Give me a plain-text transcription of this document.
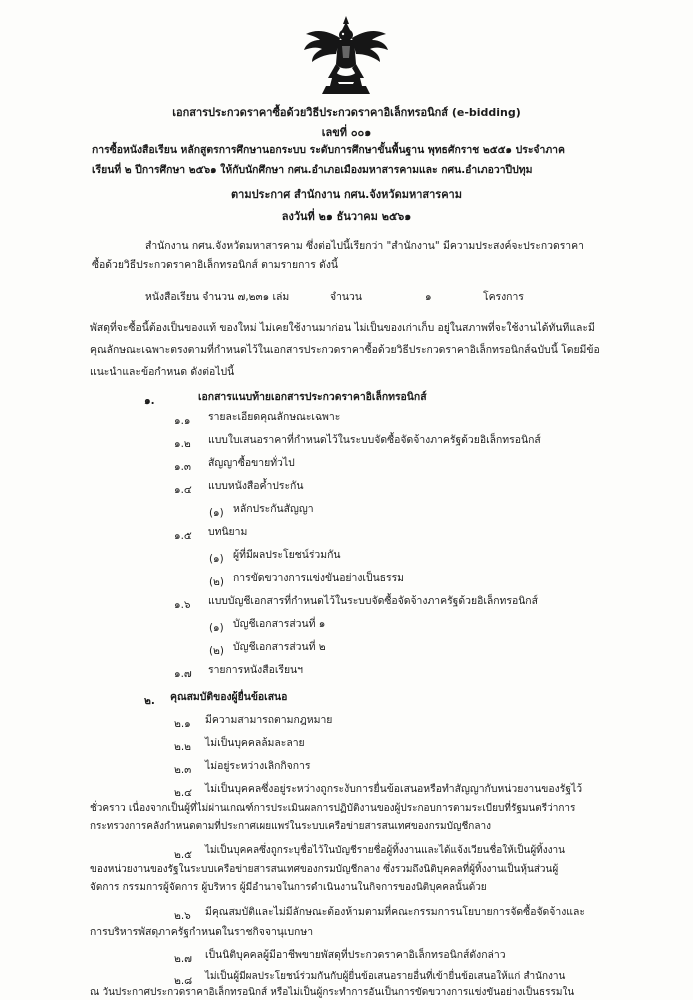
เอกสารประกวดราคาซื้อด้วยวิธีประกวดราคาอิเล็กทรอนิกส์ (e-bidding)
เลขที่ ๐๐๑
การซื้อหนังสือเรียน หลักสูตรการศึกษานอกระบบ ระดับการศึกษาขั้นพื้นฐาน พุทธศักราช ๒๕๕๑ ประจำภาค
เรียนที่ ๒ ปีการศึกษา ๒๕๖๑ ให้กับนักศึกษา กศน.อำเภอเมืองมหาสารคามและ กศน.อำเภอวาปีปทุม
ตามประกาศ สำนักงาน กศน.จังหวัดมหาสารคาม
ลงวันที่ ๒๑ ธันวาคม ๒๕๖๑
สำนักงาน กศน.จังหวัดมหาสารคาม ซึ่งต่อไปนี้เรียกว่า "สำนักงาน" มีความประสงค์จะประกวดราคา
ซื้อด้วยวิธีประกวดราคาอิเล็กทรอนิกส์ ตามรายการ ดังนี้
หนังสือเรียน จำนวน ๗,๒๓๑ เล่ม	จำนวน	๑	โครงการ
พัสดุที่จะซื้อนี้ต้องเป็นของแท้ ของใหม่ ไม่เคยใช้งานมาก่อน ไม่เป็นของเก่าเก็บ อยู่ในสภาพที่จะใช้งานได้ทันทีและมี
คุณลักษณะเฉพาะตรงตามที่กำหนดไว้ในเอกสารประกวดราคาซื้อด้วยวิธีประกวดราคาอิเล็กทรอนิกส์ฉบับนี้ โดยมีข้อ
แนะนำและข้อกำหนด ดังต่อไปนี้
๑.	เอกสารแนบท้ายเอกสารประกวดราคาอิเล็กทรอนิกส์
๑.๑ รายละเอียดคุณลักษณะเฉพาะ
๑.๒ แบบใบเสนอราคาที่กำหนดไว้ในระบบจัดซื้อจัดจ้างภาครัฐด้วยอิเล็กทรอนิกส์
๑.๓ สัญญาซื้อขายทั่วไป
๑.๔ แบบหนังสือค้ำประกัน
(๑) หลักประกันสัญญา
๑.๕ บทนิยาม
(๑) ผู้ที่มีผลประโยชน์ร่วมกัน
(๒) การขัดขวางการแข่งขันอย่างเป็นธรรม
๑.๖ แบบบัญชีเอกสารที่กำหนดไว้ในระบบจัดซื้อจัดจ้างภาครัฐด้วยอิเล็กทรอนิกส์
(๑) บัญชีเอกสารส่วนที่ ๑
(๒) บัญชีเอกสารส่วนที่ ๒
๑.๗ รายการหนังสือเรียนฯ
๒. คุณสมบัติของผู้ยื่นข้อเสนอ
๒.๑ มีความสามารถตามกฎหมาย
๒.๒ ไม่เป็นบุคคลล้มละลาย
๒.๓ ไม่อยู่ระหว่างเลิกกิจการ
๒.๔ ไม่เป็นบุคคลซึ่งอยู่ระหว่างถูกระงับการยื่นข้อเสนอหรือทำสัญญากับหน่วยงานของรัฐไว้
ชั่วคราว เนื่องจากเป็นผู้ที่ไม่ผ่านเกณฑ์การประเมินผลการปฏิบัติงานของผู้ประกอบการตามระเบียบที่รัฐมนตรีว่าการ
กระทรวงการคลังกำหนดตามที่ประกาศเผยแพร่ในระบบเครือข่ายสารสนเทศของกรมบัญชีกลาง
๒.๕ ไม่เป็นบุคคลซึ่งถูกระบุชื่อไว้ในบัญชีรายชื่อผู้ทิ้งงานและได้แจ้งเวียนชื่อให้เป็นผู้ทิ้งงาน
ของหน่วยงานของรัฐในระบบเครือข่ายสารสนเทศของกรมบัญชีกลาง ซึ่งรวมถึงนิติบุคคลที่ผู้ทิ้งงานเป็นหุ้นส่วนผู้
จัดการ กรรมการผู้จัดการ ผู้บริหาร ผู้มีอำนาจในการดำเนินงานในกิจการของนิติบุคคลนั้นด้วย
๒.๖ มีคุณสมบัติและไม่มีลักษณะต้องห้ามตามที่คณะกรรมการนโยบายการจัดซื้อจัดจ้างและ
การบริหารพัสดุภาครัฐกำหนดในราชกิจจานุเบกษา
๒.๗ เป็นนิติบุคคลผู้มีอาชีพขายพัสดุที่ประกวดราคาอิเล็กทรอนิกส์ดังกล่าว
๒.๘ ไม่เป็นผู้มีผลประโยชน์ร่วมกันกับผู้ยื่นข้อเสนอรายอื่นที่เข้ายื่นข้อเสนอให้แก่ สำนักงาน
ณ วันประกาศประกวดราคาอิเล็กทรอนิกส์ หรือไม่เป็นผู้กระทำการอันเป็นการขัดขวางการแข่งขันอย่างเป็นธรรมใน
